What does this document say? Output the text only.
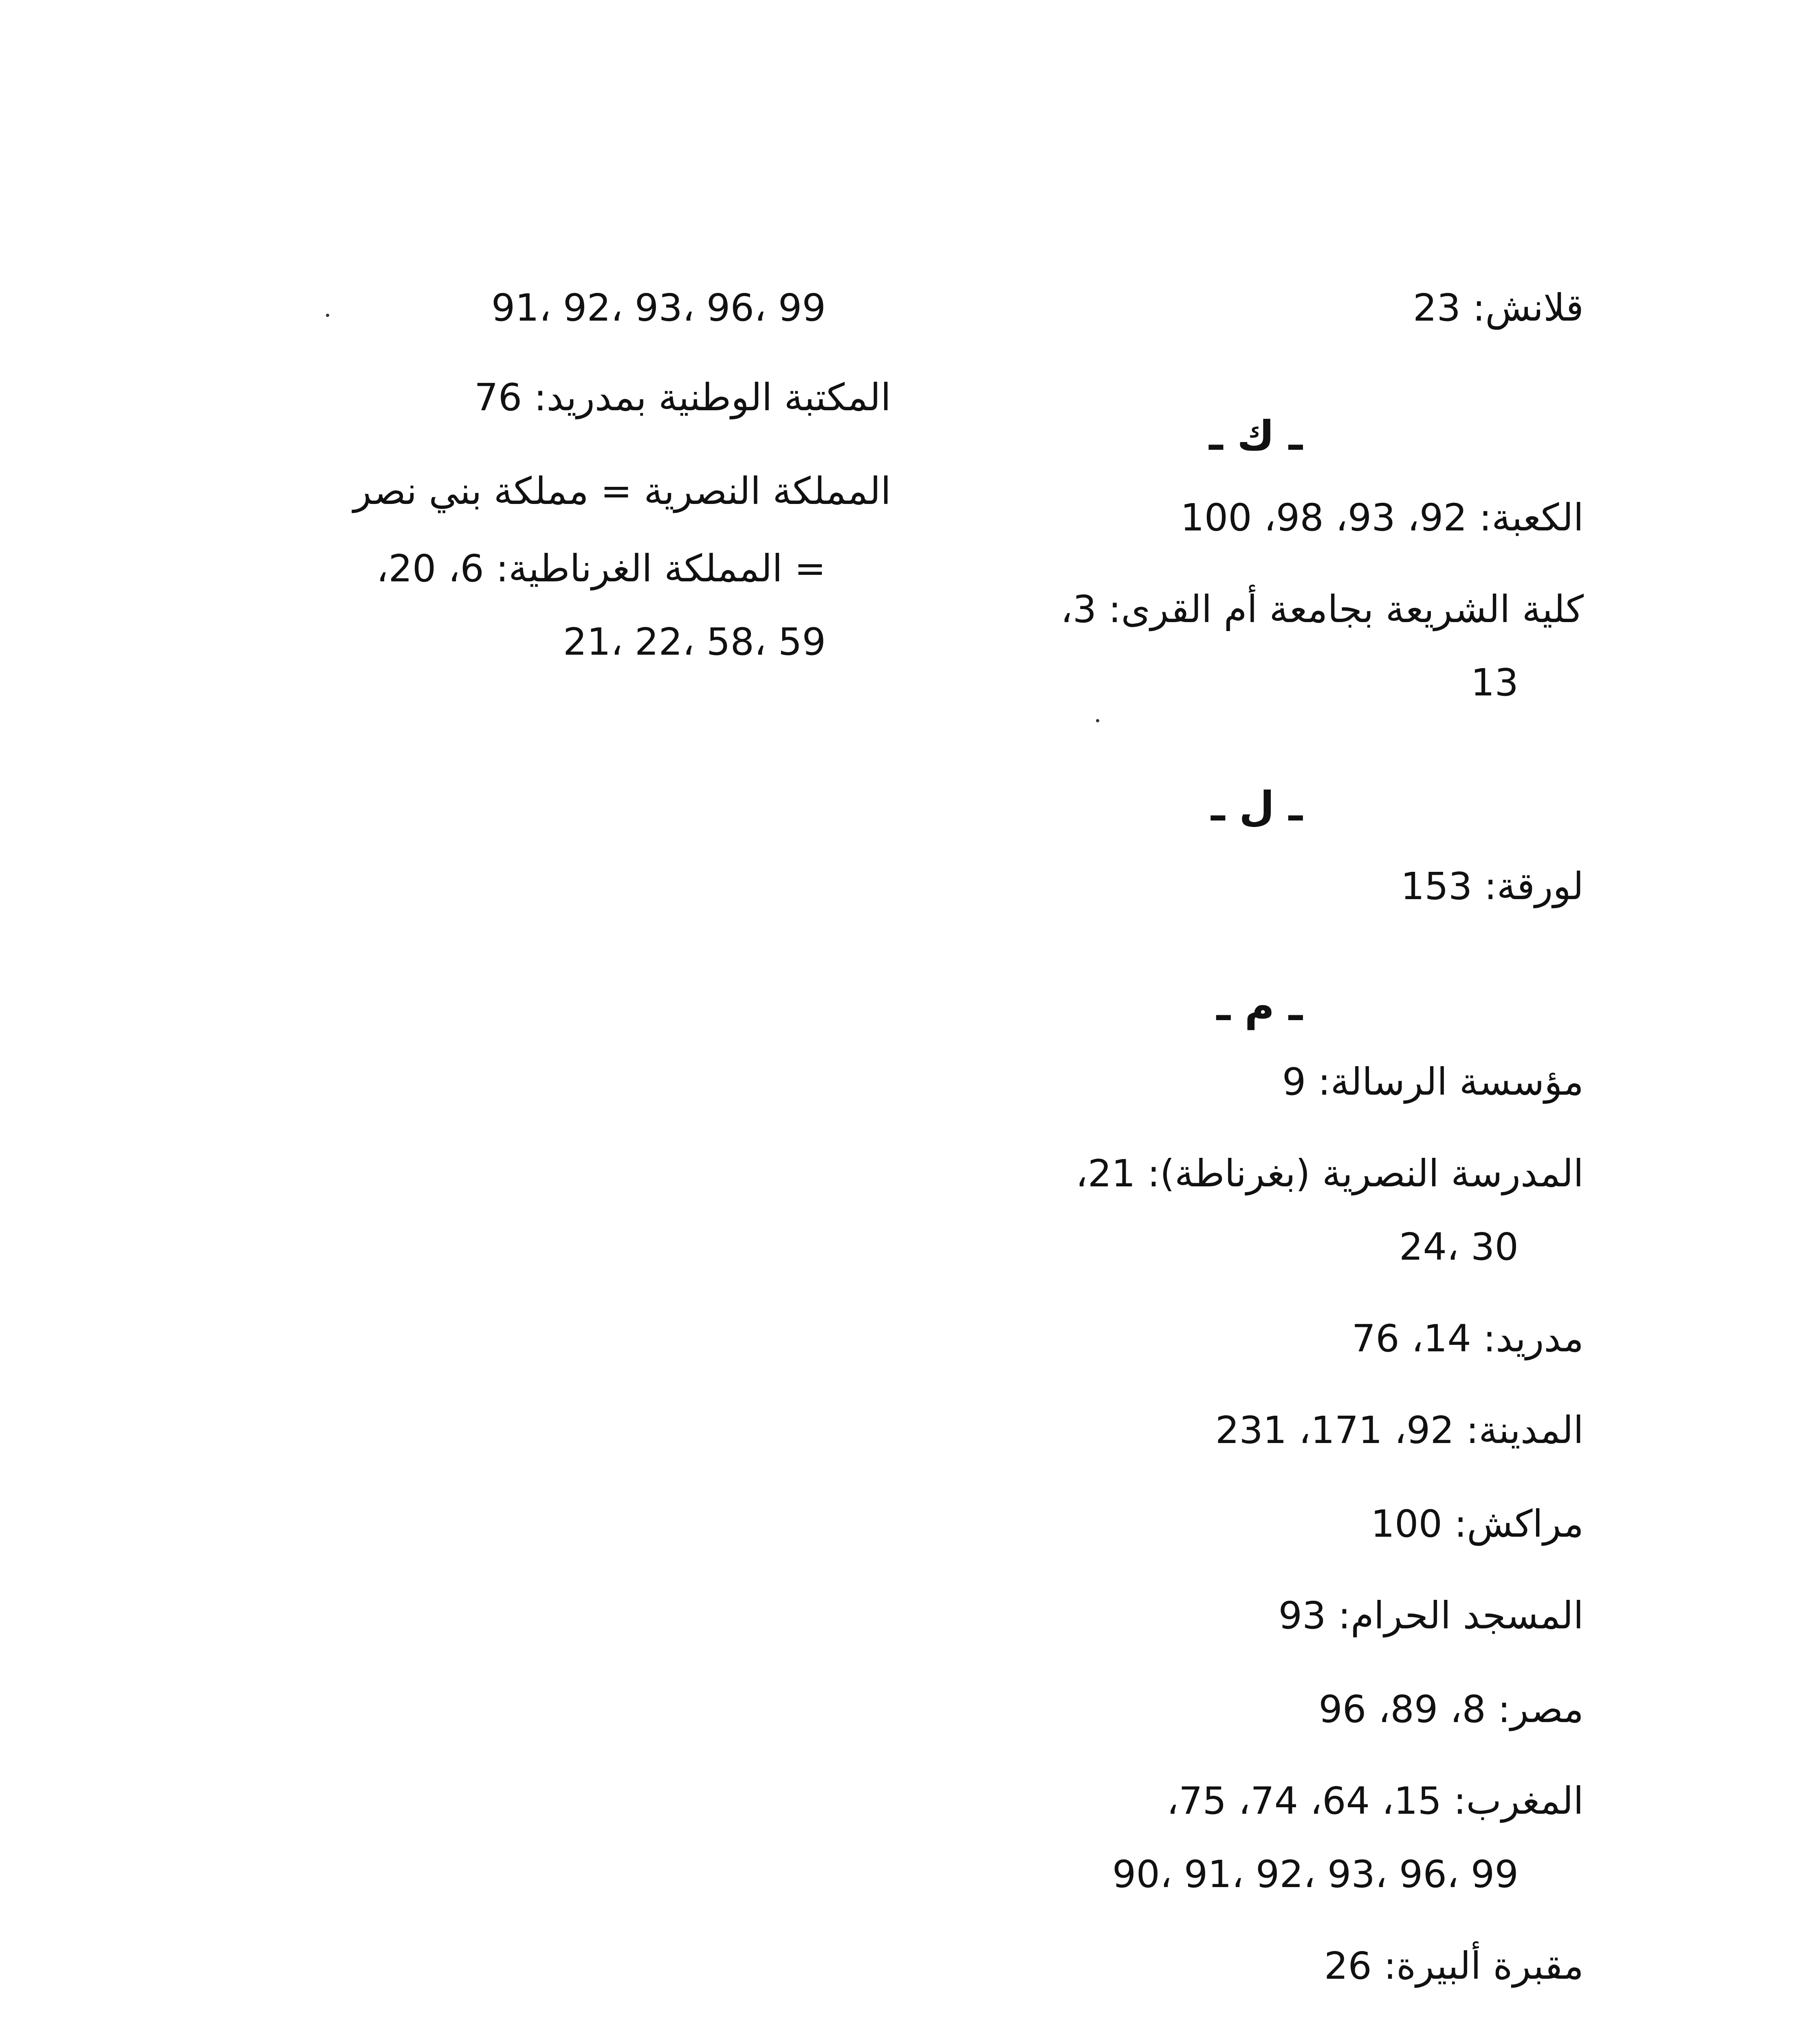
91، 92، 93، 96، 99
المكتبة الوطنية بمدريد: 76
المملكة النصرية = مملكة بني نصر
= المملكة الغرناطية: 6، 20،
21، 22، 58، 59
قلانش: 23
ـ ك ـ
الكعبة: 92، 93، 98، 100
كلية الشريعة بجامعة أم القرى: 3،
13
ـ ل ـ
لورقة: 153
ـ م ـ
مؤسسة الرسالة: 9
المدرسة النصرية (بغرناطة): 21،
24، 30
مدريد: 14، 76
المدينة: 92، 171، 231
مراكش: 100
المسجد الحرام: 93
مصر: 8، 89، 96
المغرب: 15، 64، 74، 75،
90، 91، 92، 93، 96، 99
مقبرة ألبيرة: 26
